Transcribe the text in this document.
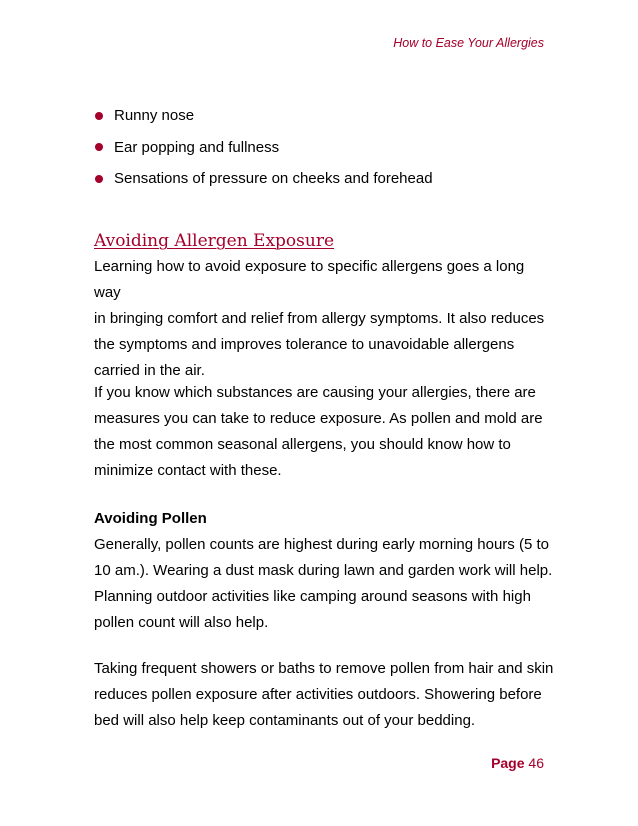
How to Ease Your Allergies
Runny nose
Ear popping and fullness
Sensations of pressure on cheeks and forehead
Avoiding Allergen Exposure
Learning how to avoid exposure to specific allergens goes a long way
in bringing comfort and relief from allergy symptoms. It also reduces
the symptoms and improves tolerance to unavoidable allergens
carried in the air.
If you know which substances are causing your allergies, there are
measures you can take to reduce exposure. As pollen and mold are
the most common seasonal allergens, you should know how to
minimize contact with these.
Avoiding Pollen
Generally, pollen counts are highest during early morning hours (5 to
10 am.). Wearing a dust mask during lawn and garden work will help.
Planning outdoor activities like camping around seasons with high
pollen count will also help.
Taking frequent showers or baths to remove pollen from hair and skin
reduces pollen exposure after activities outdoors. Showering before
bed will also help keep contaminants out of your bedding.
Page 46
